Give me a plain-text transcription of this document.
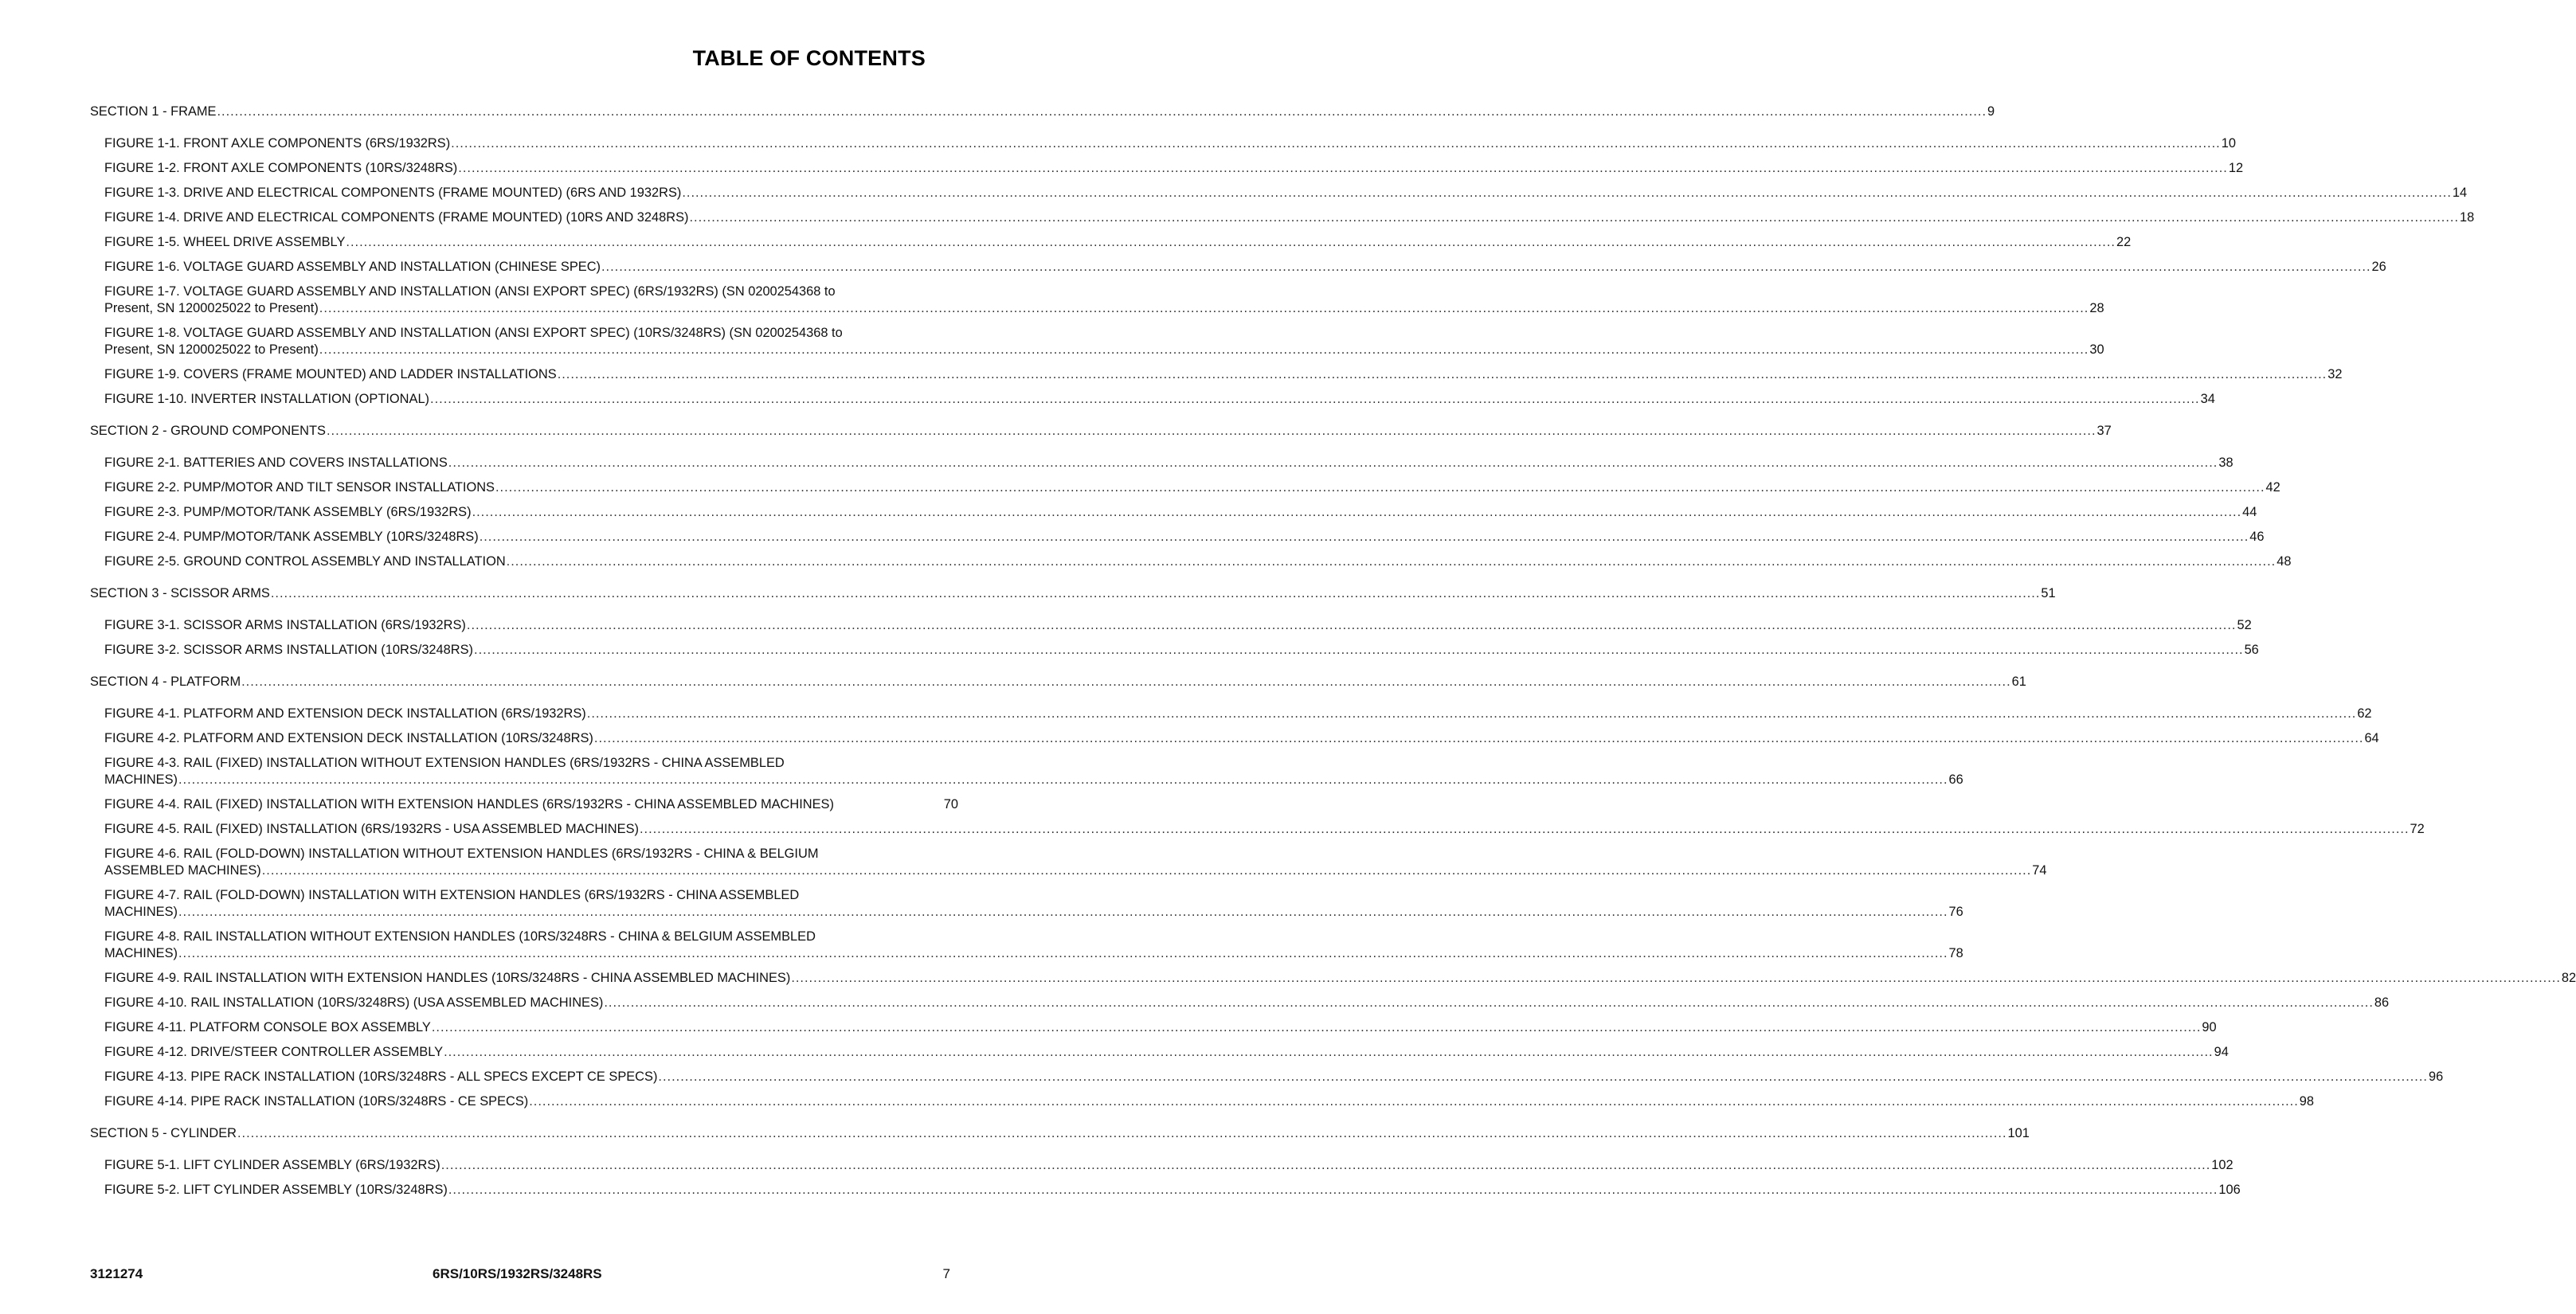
TABLE OF CONTENTS
SECTION 1 - FRAME ................................................................................................................................................................................................................................................................................................................................................................................................................ 9
FIGURE 1-1. FRONT AXLE COMPONENTS (6RS/1932RS) ................................................................................................................................................................................................................................................................................................................................................................................................................ 10
FIGURE 1-2. FRONT AXLE COMPONENTS (10RS/3248RS) ................................................................................................................................................................................................................................................................................................................................................................................................................ 12
FIGURE 1-3. DRIVE AND ELECTRICAL COMPONENTS (FRAME MOUNTED) (6RS AND 1932RS) ................................................................................................................................................................................................................................................................................................................................................................................................................ 14
FIGURE 1-4. DRIVE AND ELECTRICAL COMPONENTS (FRAME MOUNTED) (10RS AND 3248RS) ................................................................................................................................................................................................................................................................................................................................................................................................................ 18
FIGURE 1-5. WHEEL DRIVE ASSEMBLY ................................................................................................................................................................................................................................................................................................................................................................................................................ 22
FIGURE 1-6. VOLTAGE GUARD ASSEMBLY AND INSTALLATION (CHINESE SPEC) ................................................................................................................................................................................................................................................................................................................................................................................................................ 26
FIGURE 1-7. VOLTAGE GUARD ASSEMBLY AND INSTALLATION (ANSI EXPORT SPEC) (6RS/1932RS) (SN 0200254368 to
Present, SN 1200025022 to Present) ................................................................................................................................................................................................................................................................................................................................................................................................................ 28
FIGURE 1-8. VOLTAGE GUARD ASSEMBLY AND INSTALLATION (ANSI EXPORT SPEC) (10RS/3248RS) (SN 0200254368 to
Present, SN 1200025022 to Present) ................................................................................................................................................................................................................................................................................................................................................................................................................ 30
FIGURE 1-9. COVERS (FRAME MOUNTED) AND LADDER INSTALLATIONS ................................................................................................................................................................................................................................................................................................................................................................................................................ 32
FIGURE 1-10. INVERTER INSTALLATION (OPTIONAL) ................................................................................................................................................................................................................................................................................................................................................................................................................ 34
SECTION 2 - GROUND COMPONENTS ................................................................................................................................................................................................................................................................................................................................................................................................................ 37
FIGURE 2-1. BATTERIES AND COVERS INSTALLATIONS ................................................................................................................................................................................................................................................................................................................................................................................................................ 38
FIGURE 2-2. PUMP/MOTOR AND TILT SENSOR INSTALLATIONS ................................................................................................................................................................................................................................................................................................................................................................................................................ 42
FIGURE 2-3. PUMP/MOTOR/TANK ASSEMBLY (6RS/1932RS) ................................................................................................................................................................................................................................................................................................................................................................................................................ 44
FIGURE 2-4. PUMP/MOTOR/TANK ASSEMBLY (10RS/3248RS) ................................................................................................................................................................................................................................................................................................................................................................................................................ 46
FIGURE 2-5. GROUND CONTROL ASSEMBLY AND INSTALLATION ................................................................................................................................................................................................................................................................................................................................................................................................................ 48
SECTION 3 - SCISSOR ARMS ................................................................................................................................................................................................................................................................................................................................................................................................................ 51
FIGURE 3-1. SCISSOR ARMS INSTALLATION (6RS/1932RS) ................................................................................................................................................................................................................................................................................................................................................................................................................ 52
FIGURE 3-2. SCISSOR ARMS INSTALLATION (10RS/3248RS) ................................................................................................................................................................................................................................................................................................................................................................................................................ 56
SECTION 4 - PLATFORM ................................................................................................................................................................................................................................................................................................................................................................................................................ 61
FIGURE 4-1. PLATFORM AND EXTENSION DECK INSTALLATION (6RS/1932RS) ................................................................................................................................................................................................................................................................................................................................................................................................................ 62
FIGURE 4-2. PLATFORM AND EXTENSION DECK INSTALLATION (10RS/3248RS) ................................................................................................................................................................................................................................................................................................................................................................................................................ 64
FIGURE 4-3. RAIL (FIXED) INSTALLATION WITHOUT EXTENSION HANDLES (6RS/1932RS - CHINA ASSEMBLED
MACHINES) ................................................................................................................................................................................................................................................................................................................................................................................................................ 66
FIGURE 4-4. RAIL (FIXED) INSTALLATION WITH EXTENSION HANDLES (6RS/1932RS - CHINA ASSEMBLED MACHINES)	70
FIGURE 4-5. RAIL (FIXED) INSTALLATION (6RS/1932RS - USA ASSEMBLED MACHINES) ................................................................................................................................................................................................................................................................................................................................................................................................................ 72
FIGURE 4-6. RAIL (FOLD-DOWN) INSTALLATION WITHOUT EXTENSION HANDLES (6RS/1932RS - CHINA & BELGIUM
ASSEMBLED MACHINES) ................................................................................................................................................................................................................................................................................................................................................................................................................ 74
FIGURE 4-7. RAIL (FOLD-DOWN) INSTALLATION WITH EXTENSION HANDLES (6RS/1932RS - CHINA ASSEMBLED
MACHINES) ................................................................................................................................................................................................................................................................................................................................................................................................................ 76
FIGURE 4-8. RAIL INSTALLATION WITHOUT EXTENSION HANDLES (10RS/3248RS - CHINA & BELGIUM ASSEMBLED
MACHINES) ................................................................................................................................................................................................................................................................................................................................................................................................................ 78
FIGURE 4-9. RAIL INSTALLATION WITH EXTENSION HANDLES (10RS/3248RS - CHINA ASSEMBLED MACHINES) ................................................................................................................................................................................................................................................................................................................................................................................................................ 82
FIGURE 4-10. RAIL INSTALLATION (10RS/3248RS) (USA ASSEMBLED MACHINES) ................................................................................................................................................................................................................................................................................................................................................................................................................ 86
FIGURE 4-11. PLATFORM CONSOLE BOX ASSEMBLY ................................................................................................................................................................................................................................................................................................................................................................................................................ 90
FIGURE 4-12. DRIVE/STEER CONTROLLER ASSEMBLY ................................................................................................................................................................................................................................................................................................................................................................................................................ 94
FIGURE 4-13. PIPE RACK INSTALLATION (10RS/3248RS - ALL SPECS EXCEPT CE SPECS) ................................................................................................................................................................................................................................................................................................................................................................................................................ 96
FIGURE 4-14. PIPE RACK INSTALLATION (10RS/3248RS - CE SPECS) ................................................................................................................................................................................................................................................................................................................................................................................................................ 98
SECTION 5 - CYLINDER ................................................................................................................................................................................................................................................................................................................................................................................................................ 101
FIGURE 5-1. LIFT CYLINDER ASSEMBLY (6RS/1932RS) ................................................................................................................................................................................................................................................................................................................................................................................................................ 102
FIGURE 5-2. LIFT CYLINDER ASSEMBLY (10RS/3248RS) ................................................................................................................................................................................................................................................................................................................................................................................................................ 106
3121274	6RS/10RS/1932RS/3248RS	7
